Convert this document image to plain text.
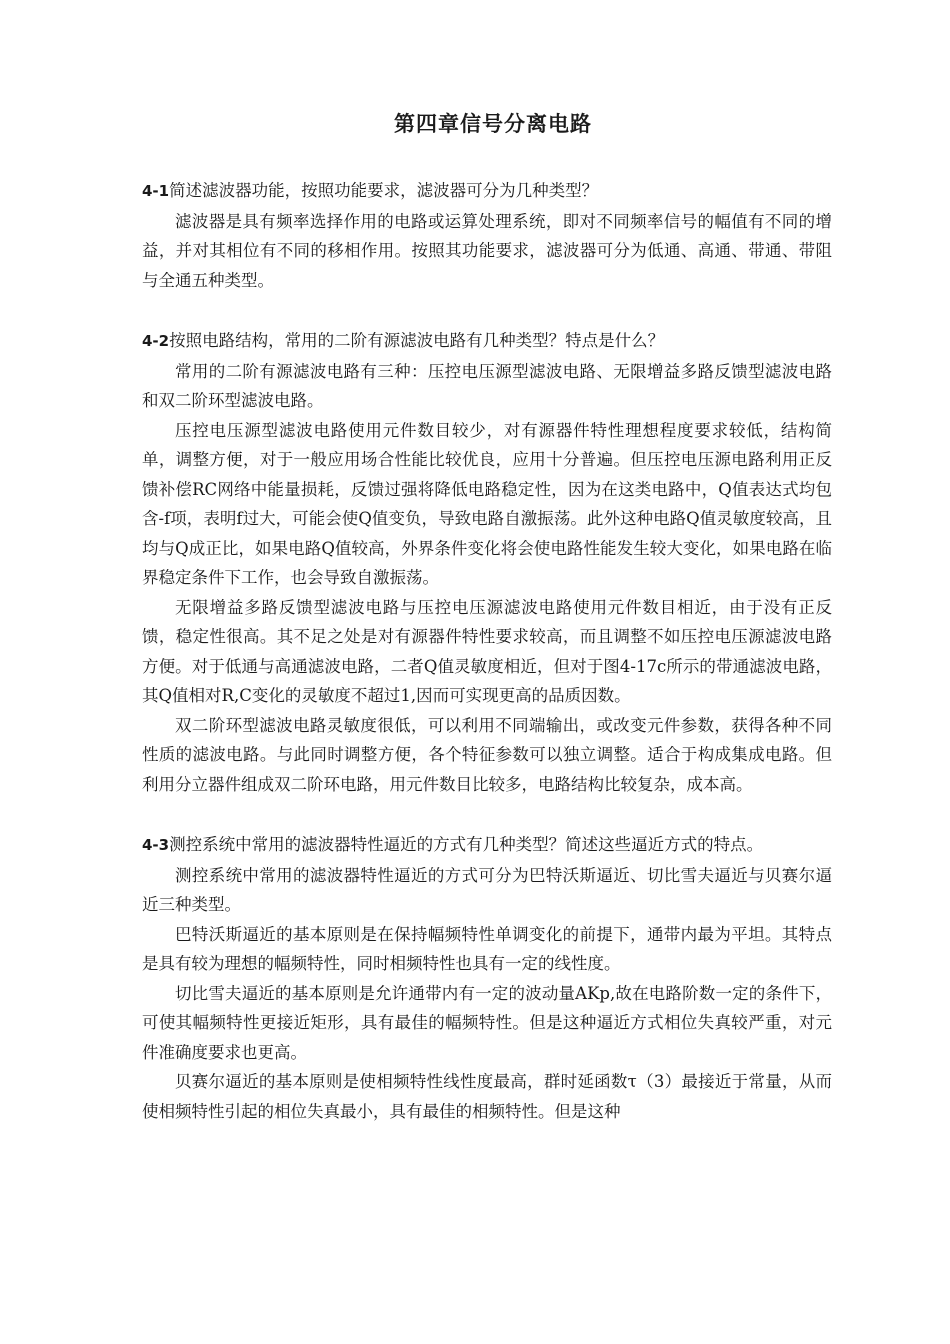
第四章信号分离电路

4-1简述滤波器功能，按照功能要求，滤波器可分为几种类型？

滤波器是具有频率选择作用的电路或运算处理系统，即对不同频率信号的幅值有不同的增益，并对其相位有不同的移相作用。按照其功能要求，滤波器可分为低通、高通、带通、带阻与全通五种类型。

4-2按照电路结构，常用的二阶有源滤波电路有几种类型？特点是什么？

常用的二阶有源滤波电路有三种：压控电压源型滤波电路、无限增益多路反馈型滤波电路和双二阶环型滤波电路。

压控电压源型滤波电路使用元件数目较少，对有源器件特性理想程度要求较低，结构简单，调整方便，对于一般应用场合性能比较优良，应用十分普遍。但压控电压源电路利用正反馈补偿RC网络中能量损耗，反馈过强将降低电路稳定性，因为在这类电路中，Q值表达式均包含-f项，表明f过大，可能会使Q值变负，导致电路自激振荡。此外这种电路Q值灵敏度较高，且均与Q成正比，如果电路Q值较高，外界条件变化将会使电路性能发生较大变化，如果电路在临界稳定条件下工作，也会导致自激振荡。

无限增益多路反馈型滤波电路与压控电压源滤波电路使用元件数目相近，由于没有正反馈，稳定性很高。其不足之处是对有源器件特性要求较高，而且调整不如压控电压源滤波电路方便。对于低通与高通滤波电路，二者Q值灵敏度相近，但对于图4-17c所示的带通滤波电路，其Q值相对R,C变化的灵敏度不超过1,因而可实现更高的品质因数。

双二阶环型滤波电路灵敏度很低，可以利用不同端输出，或改变元件参数，获得各种不同性质的滤波电路。与此同时调整方便，各个特征参数可以独立调整。适合于构成集成电路。但利用分立器件组成双二阶环电路，用元件数目比较多，电路结构比较复杂，成本高。

4-3测控系统中常用的滤波器特性逼近的方式有几种类型？简述这些逼近方式的特点。

测控系统中常用的滤波器特性逼近的方式可分为巴特沃斯逼近、切比雪夫逼近与贝赛尔逼近三种类型。

巴特沃斯逼近的基本原则是在保持幅频特性单调变化的前提下，通带内最为平坦。其特点是具有较为理想的幅频特性，同时相频特性也具有一定的线性度。

切比雪夫逼近的基本原则是允许通带内有一定的波动量AKp,故在电路阶数一定的条件下，可使其幅频特性更接近矩形，具有最佳的幅频特性。但是这种逼近方式相位失真较严重，对元件准确度要求也更高。

贝赛尔逼近的基本原则是使相频特性线性度最高，群时延函数τ（3）最接近于常量，从而使相频特性引起的相位失真最小，具有最佳的相频特性。但是这种
